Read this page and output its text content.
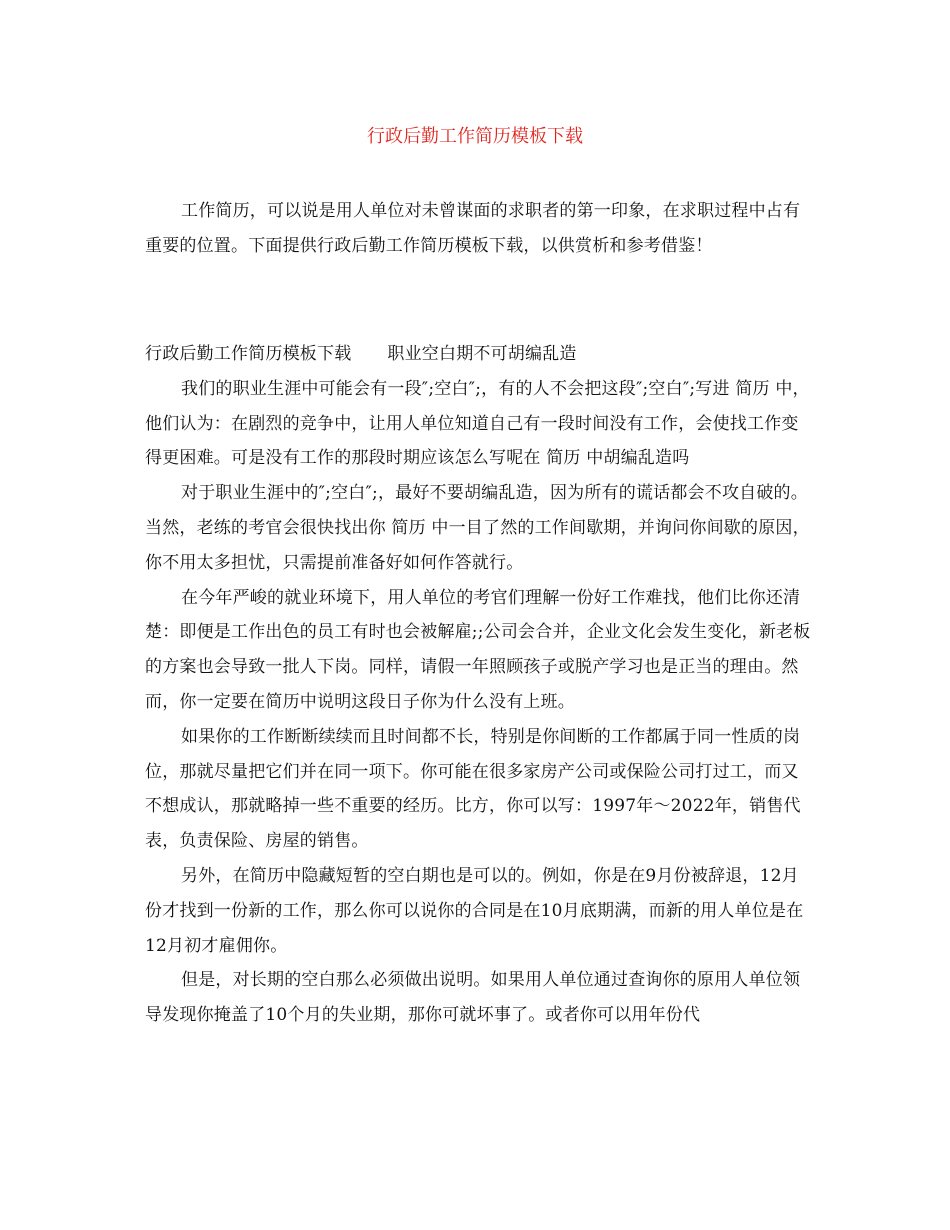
行政后勤工作简历模板下载

工作简历，可以说是用人单位对未曾谋面的求职者的第一印象，在求职过程中占有重要的位置。下面提供行政后勤工作简历模板下载，以供赏析和参考借鉴！

行政后勤工作简历模板下载 职业空白期不可胡编乱造

我们的职业生涯中可能会有一段″;空白″;，有的人不会把这段″;空白″;写进 简历 中，他们认为：在剧烈的竞争中，让用人单位知道自己有一段时间没有工作，会使找工作变得更困难。可是没有工作的那段时期应该怎么写呢在 简历 中胡编乱造吗

对于职业生涯中的″;空白″;，最好不要胡编乱造，因为所有的谎话都会不攻自破的。当然，老练的考官会很快找出你 简历 中一目了然的工作间歇期，并询问你间歇的原因，你不用太多担忧，只需提前准备好如何作答就行。

在今年严峻的就业环境下，用人单位的考官们理解一份好工作难找，他们比你还清楚：即便是工作出色的员工有时也会被解雇;;公司会合并，企业文化会发生变化，新老板的方案也会导致一批人下岗。同样，请假一年照顾孩子或脱产学习也是正当的理由。然而，你一定要在简历中说明这段日子你为什么没有上班。

如果你的工作断断续续而且时间都不长，特别是你间断的工作都属于同一性质的岗位，那就尽量把它们并在同一项下。你可能在很多家房产公司或保险公司打过工，而又不想成认，那就略掉一些不重要的经历。比方，你可以写：1997年～2022年，销售代表，负责保险、房屋的销售。

另外，在简历中隐藏短暂的空白期也是可以的。例如，你是在9月份被辞退，12月份才找到一份新的工作，那么你可以说你的合同是在10月底期满，而新的用人单位是在12月初才雇佣你。

但是，对长期的空白那么必须做出说明。如果用人单位通过查询你的原用人单位领导发现你掩盖了10个月的失业期，那你可就坏事了。或者你可以用年份代
